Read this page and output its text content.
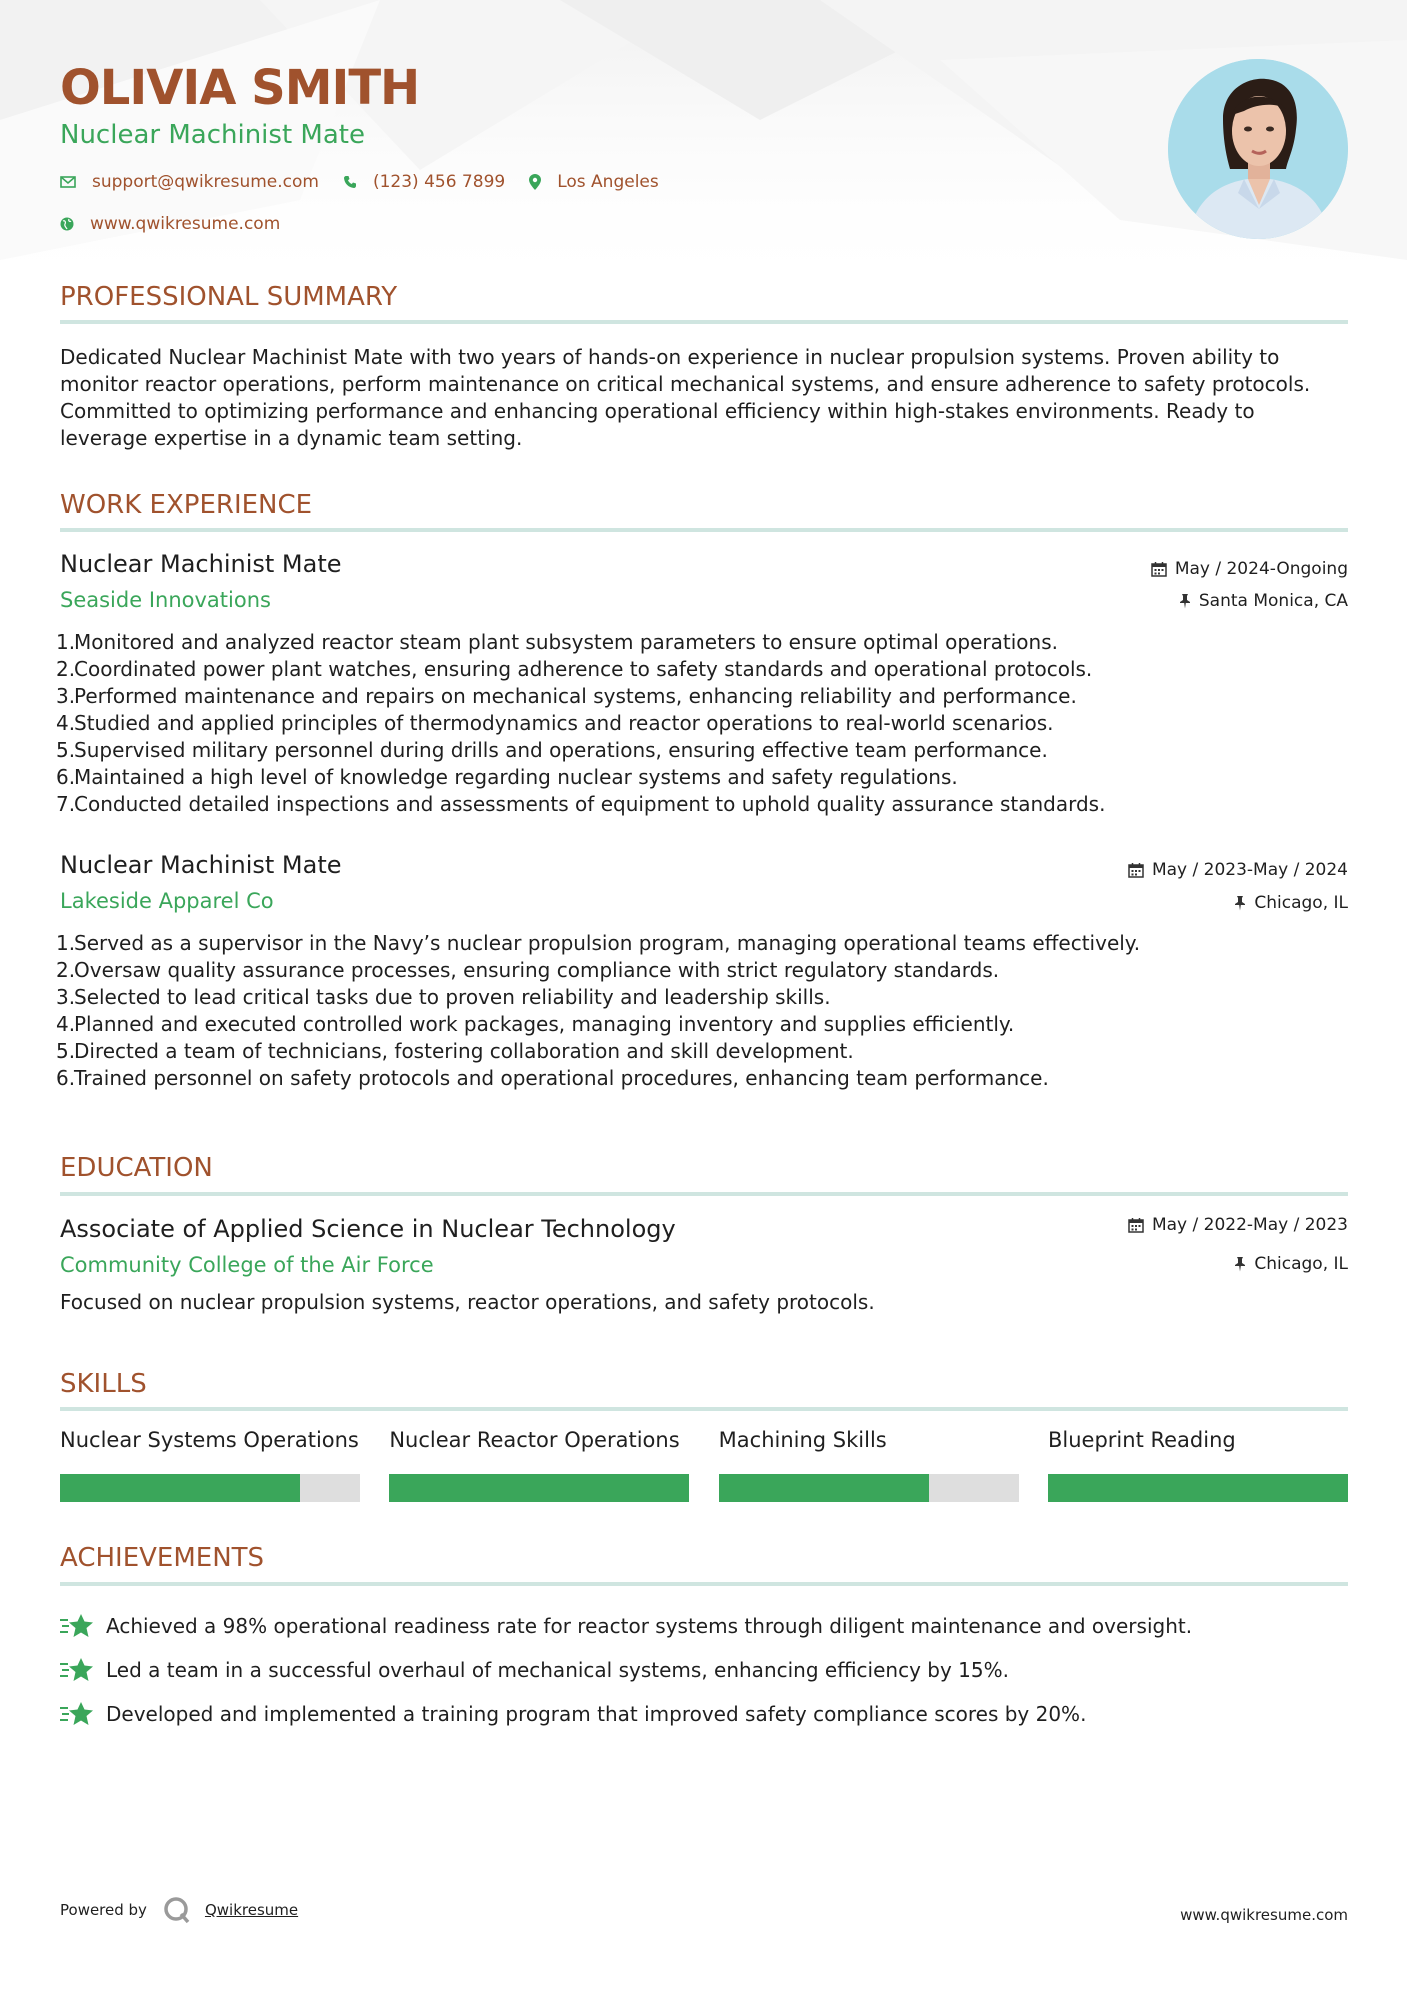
OLIVIA SMITH
Nuclear Machinist Mate
support@qwikresume.com	(123) 456 7899	Los Angeles
www.qwikresume.com
PROFESSIONAL SUMMARY
Dedicated Nuclear Machinist Mate with two years of hands-on experience in nuclear propulsion systems. Proven ability to monitor reactor operations, perform maintenance on critical mechanical systems, and ensure adherence to safety protocols. Committed to optimizing performance and enhancing operational efficiency within high-stakes environments. Ready to leverage expertise in a dynamic team setting.
WORK EXPERIENCE
Nuclear Machinist Mate	May / 2024-Ongoing
Seaside Innovations	Santa Monica, CA
1.
Monitored and analyzed reactor steam plant subsystem parameters to ensure optimal operations.
2.
Coordinated power plant watches, ensuring adherence to safety standards and operational protocols.
3.
Performed maintenance and repairs on mechanical systems, enhancing reliability and performance.
4.
Studied and applied principles of thermodynamics and reactor operations to real-world scenarios.
5.
Supervised military personnel during drills and operations, ensuring effective team performance.
6.
Maintained a high level of knowledge regarding nuclear systems and safety regulations.
7.
Conducted detailed inspections and assessments of equipment to uphold quality assurance standards.
Nuclear Machinist Mate	May / 2023-May / 2024
Lakeside Apparel Co	Chicago, IL
1.
Served as a supervisor in the Navy’s nuclear propulsion program, managing operational teams effectively.
2.
Oversaw quality assurance processes, ensuring compliance with strict regulatory standards.
3.
Selected to lead critical tasks due to proven reliability and leadership skills.
4.
Planned and executed controlled work packages, managing inventory and supplies efficiently.
5.
Directed a team of technicians, fostering collaboration and skill development.
6.
Trained personnel on safety protocols and operational procedures, enhancing team performance.
EDUCATION
Associate of Applied Science in Nuclear Technology	May / 2022-May / 2023
Community College of the Air Force	Chicago, IL
Focused on nuclear propulsion systems, reactor operations, and safety protocols.
SKILLS
Nuclear Systems Operations Nuclear Reactor Operations	Machining Skills	Blueprint Reading
ACHIEVEMENTS
Achieved a 98% operational readiness rate for reactor systems through diligent maintenance and oversight.
Led a team in a successful overhaul of mechanical systems, enhancing efficiency by 15%.
Developed and implemented a training program that improved safety compliance scores by 20%.
Powered by	Qwikresume	www.qwikresume.com
